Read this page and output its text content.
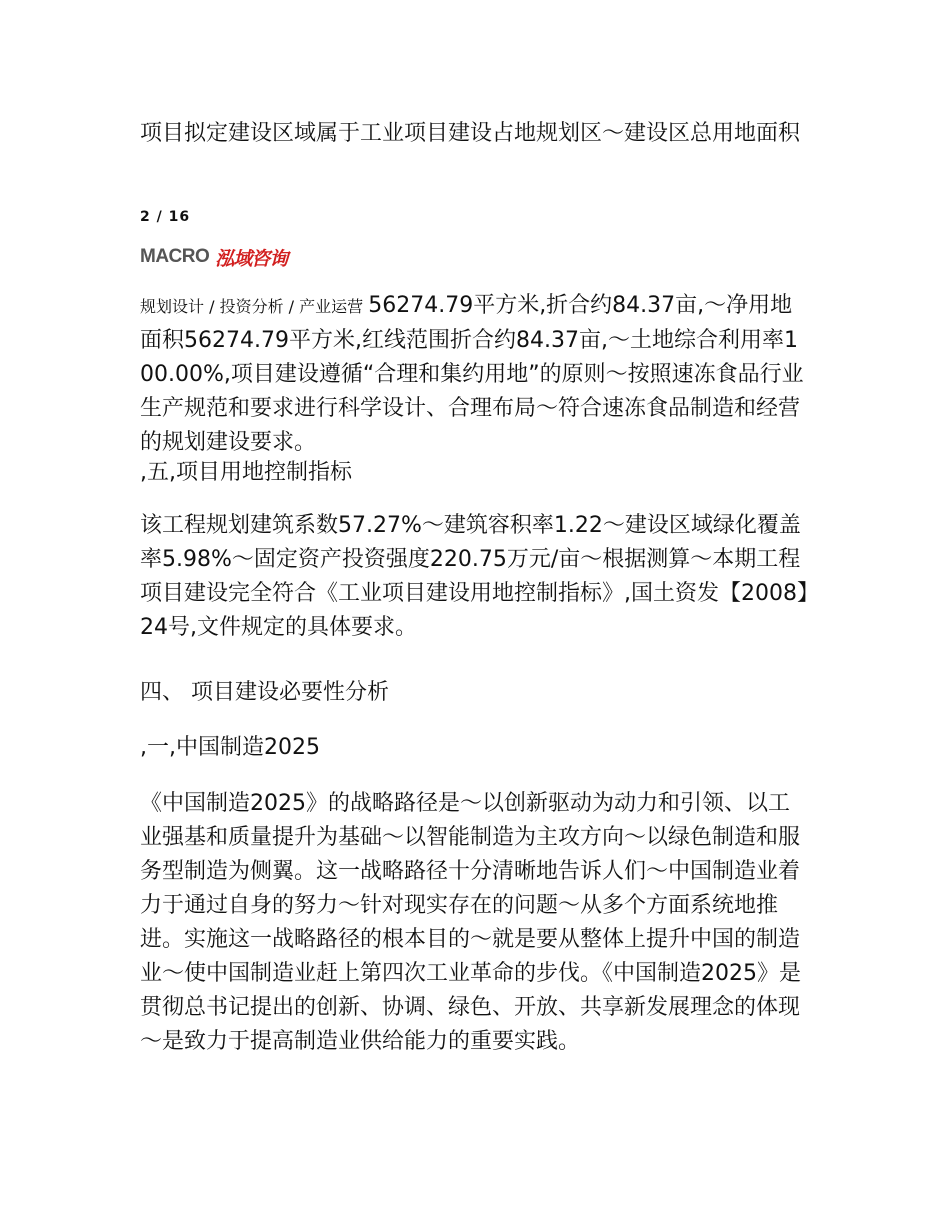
项目拟定建设区域属于工业项目建设占地规划区～建设区总用地面积

2 / 16
MACRO 泓域咨询

规划设计 / 投资分析 / 产业运营 56274.79平方米,折合约84.37亩,～净用地面积56274.79平方米,红线范围折合约84.37亩,～土地综合利用率100.00%,项目建设遵循“合理和集约用地”的原则～按照速冻食品行业生产规范和要求进行科学设计、合理布局～符合速冻食品制造和经营的规划建设要求。

,五,项目用地控制指标

该工程规划建筑系数57.27%～建筑容积率1.22～建设区域绿化覆盖率5.98%～固定资产投资强度220.75万元/亩～根据测算～本期工程项目建设完全符合《工业项目建设用地控制指标》,国土资发【2008】24号,文件规定的具体要求。

四、 项目建设必要性分析

,一,中国制造2025

《中国制造2025》的战略路径是～以创新驱动为动力和引领、以工业强基和质量提升为基础～以智能制造为主攻方向～以绿色制造和服务型制造为侧翼。这一战略路径十分清晰地告诉人们～中国制造业着力于通过自身的努力～针对现实存在的问题～从多个方面系统地推进。实施这一战略路径的根本目的～就是要从整体上提升中国的制造业～使中国制造业赶上第四次工业革命的步伐。《中国制造2025》是贯彻总书记提出的创新、协调、绿色、开放、共享新发展理念的体现～是致力于提高制造业供给能力的重要实践。
